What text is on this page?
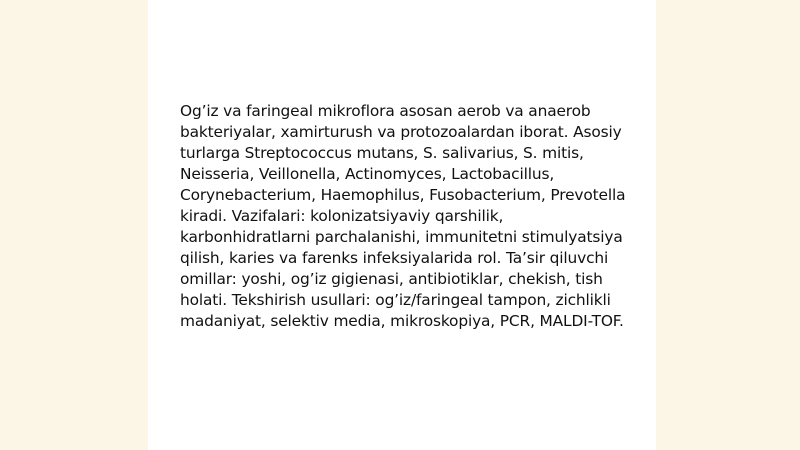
Og’iz va faringeal mikroflora asosan aerob va anaerob bakteriyalar, xamirturush va protozoalardan iborat. Asosiy turlarga Streptococcus mutans, S. salivarius, S. mitis, Neisseria, Veillonella, Actinomyces, Lactobacillus, Corynebacterium, Haemophilus, Fusobacterium, Prevotella kiradi. Vazifalari: kolonizatsiyaviy qarshilik, karbonhidratlarni parchalanishi, immunitetni stimulyatsiya qilish, karies va farenks infeksiyalarida rol. Ta’sir qiluvchi omillar: yoshi, og’iz gigienasi, antibiotiklar, chekish, tish holati. Tekshirish usullari: og’iz/faringeal tampon, zichlikli madaniyat, selektiv media, mikroskopiya, PCR, MALDI-TOF.
